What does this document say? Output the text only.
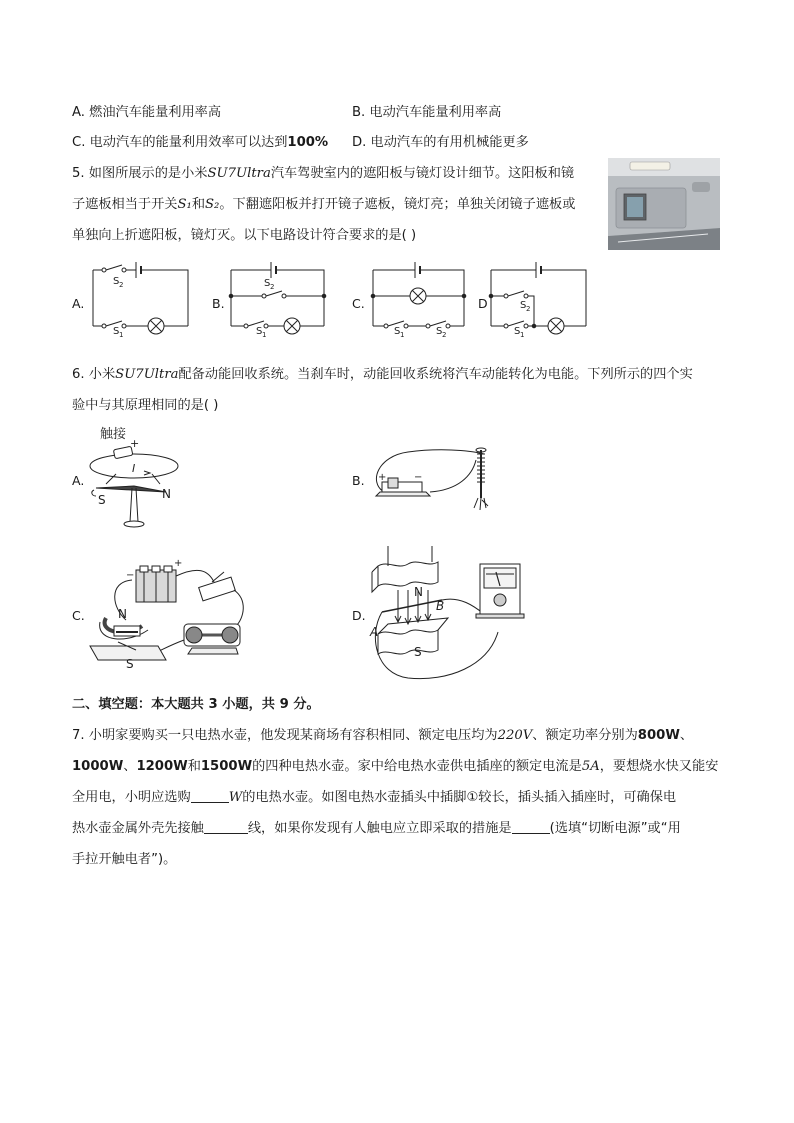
A. 燃油汽车能量利用率高	B. 电动汽车能量利用率高
C. 电动汽车的能量利用效率可以达到100% D. 电动汽车的有用机械能更多
5. 如图所展示的是小米SU7Ultra汽车驾驶室内的遮阳板与镜灯设计细节。这阳板和镜
子遮板相当于开关S₁和S₂。下翻遮阳板并打开镜子遮板，镜灯亮；单独关闭镜子遮板或
单独向上折遮阳板，镜灯灭。以下电路设计符合要求的是( )
A.
S 2
S 1
B.
S 2
S 1
C.
S 1	S 2
D	S 2
S 1
6. 小米SU7Ultra配备动能回收系统。当刹车时，动能回收系统将汽车动能转化为电能。下列所示的四个实
验中与其原理相同的是( )
A.
触接
+
I
S	N
B. +	−
C.	N
S
+
−
D.
N
S
A
B
二、填空题：本大题共 3 小题，共 9 分。
7. 小明家要购买一只电热水壶，他发现某商场有容积相同、额定电压均为220V、额定功率分别为800W、
1000W、1200W和1500W的四种电热水壶。家中给电热水壶供电插座的额定电流是5A，要想烧水快又能安
全用电，小明应选购	W的电热水壶。如图电热水壶插头中插脚①较长，插头插入插座时，可确保电
热水壶金属外壳先接触	线，如果你发现有人触电应立即采取的措施是	(选填“切断电源”或“用
手拉开触电者”)。
